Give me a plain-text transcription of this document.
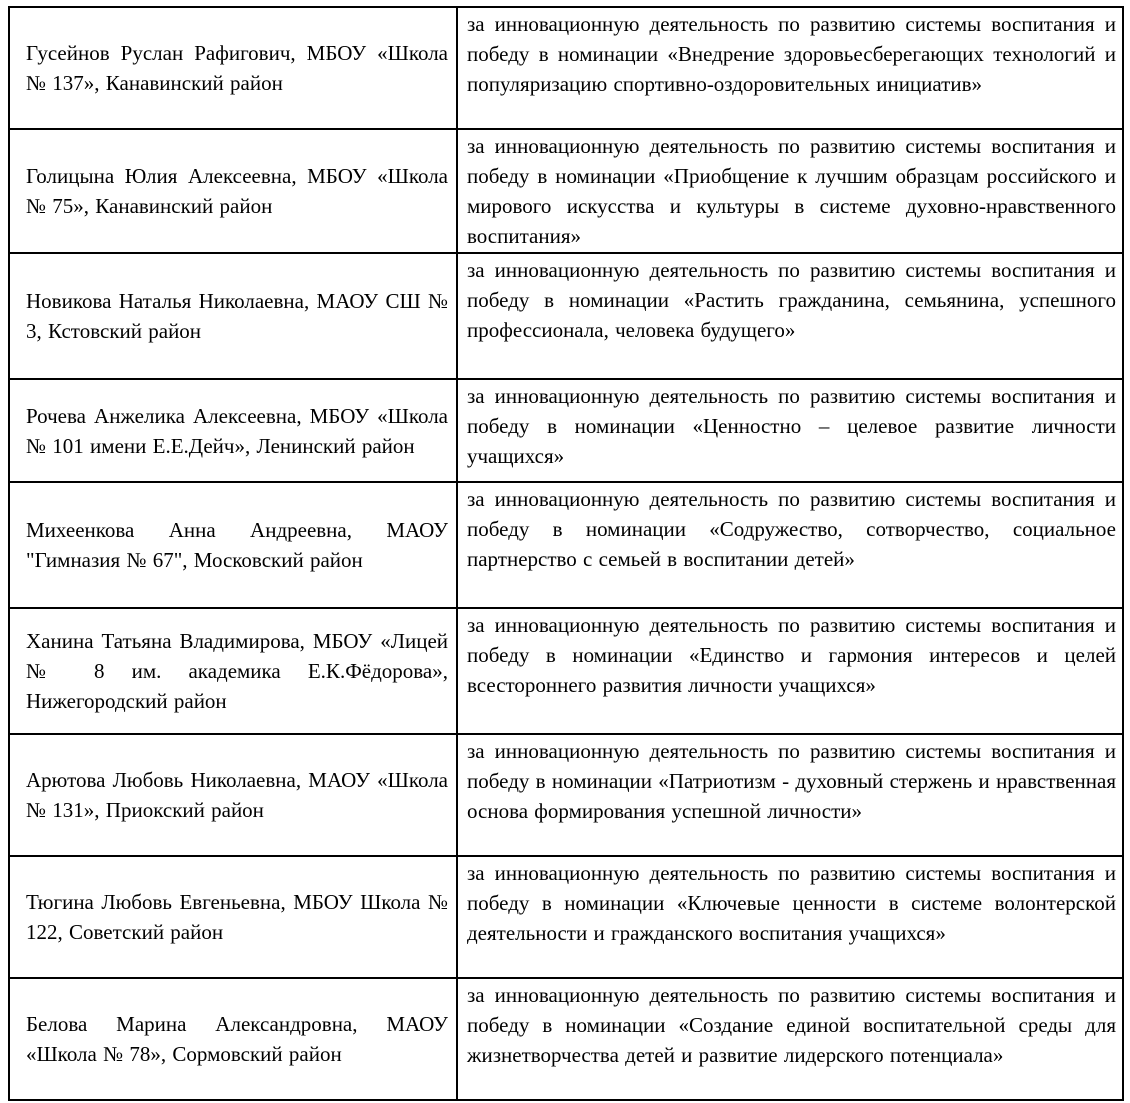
Гусейнов Руслан Рафигович, МБОУ «Школа № 137», Канавинский район	за инновационную деятельность по развитию системы воспитания и победу в номинации «Внедрение здоровьесберегающих технологий и популяризацию спортивно-оздоровительных инициатив»
Голицына Юлия Алексеевна, МБОУ «Школа № 75», Канавинский район	за инновационную деятельность по развитию системы воспитания и победу в номинации «Приобщение к лучшим образцам российского и мирового искусства и культуры в системе духовно-нравственного воспитания»
Новикова Наталья Николаевна, МАОУ СШ № 3, Кстовский район	за инновационную деятельность по развитию системы воспитания и победу в номинации «Растить гражданина, семьянина, успешного профессионала, человека будущего»
Рочева Анжелика Алексеевна, МБОУ «Школа № 101 имени Е.Е.Дейч», Ленинский район	за инновационную деятельность по развитию системы воспитания и победу в номинации «Ценностно – целевое развитие личности учащихся»
Михеенкова Анна Андреевна, МАОУ "Гимназия № 67", Московский район	за инновационную деятельность по развитию системы воспитания и победу в номинации «Содружество, сотворчество, социальное партнерство с семьей в воспитании детей»
Ханина Татьяна Владимирова, МБОУ «Лицей № 8 им. академика Е.К.Фёдорова», Нижегородский район	за инновационную деятельность по развитию системы воспитания и победу в номинации «Единство и гармония интересов и целей всестороннего развития личности учащихся»
Арютова Любовь Николаевна, МАОУ «Школа № 131», Приокский район	за инновационную деятельность по развитию системы воспитания и победу в номинации «Патриотизм - духовный стержень и нравственная основа формирования успешной личности»
Тюгина Любовь Евгеньевна, МБОУ Школа № 122, Советский район	за инновационную деятельность по развитию системы воспитания и победу в номинации «Ключевые ценности в системе волонтерской деятельности и гражданского воспитания учащихся»
Белова Марина Александровна, МАОУ «Школа № 78», Сормовский район	за инновационную деятельность по развитию системы воспитания и победу в номинации «Создание единой воспитательной среды для жизнетворчества детей и развитие лидерского потенциала»
